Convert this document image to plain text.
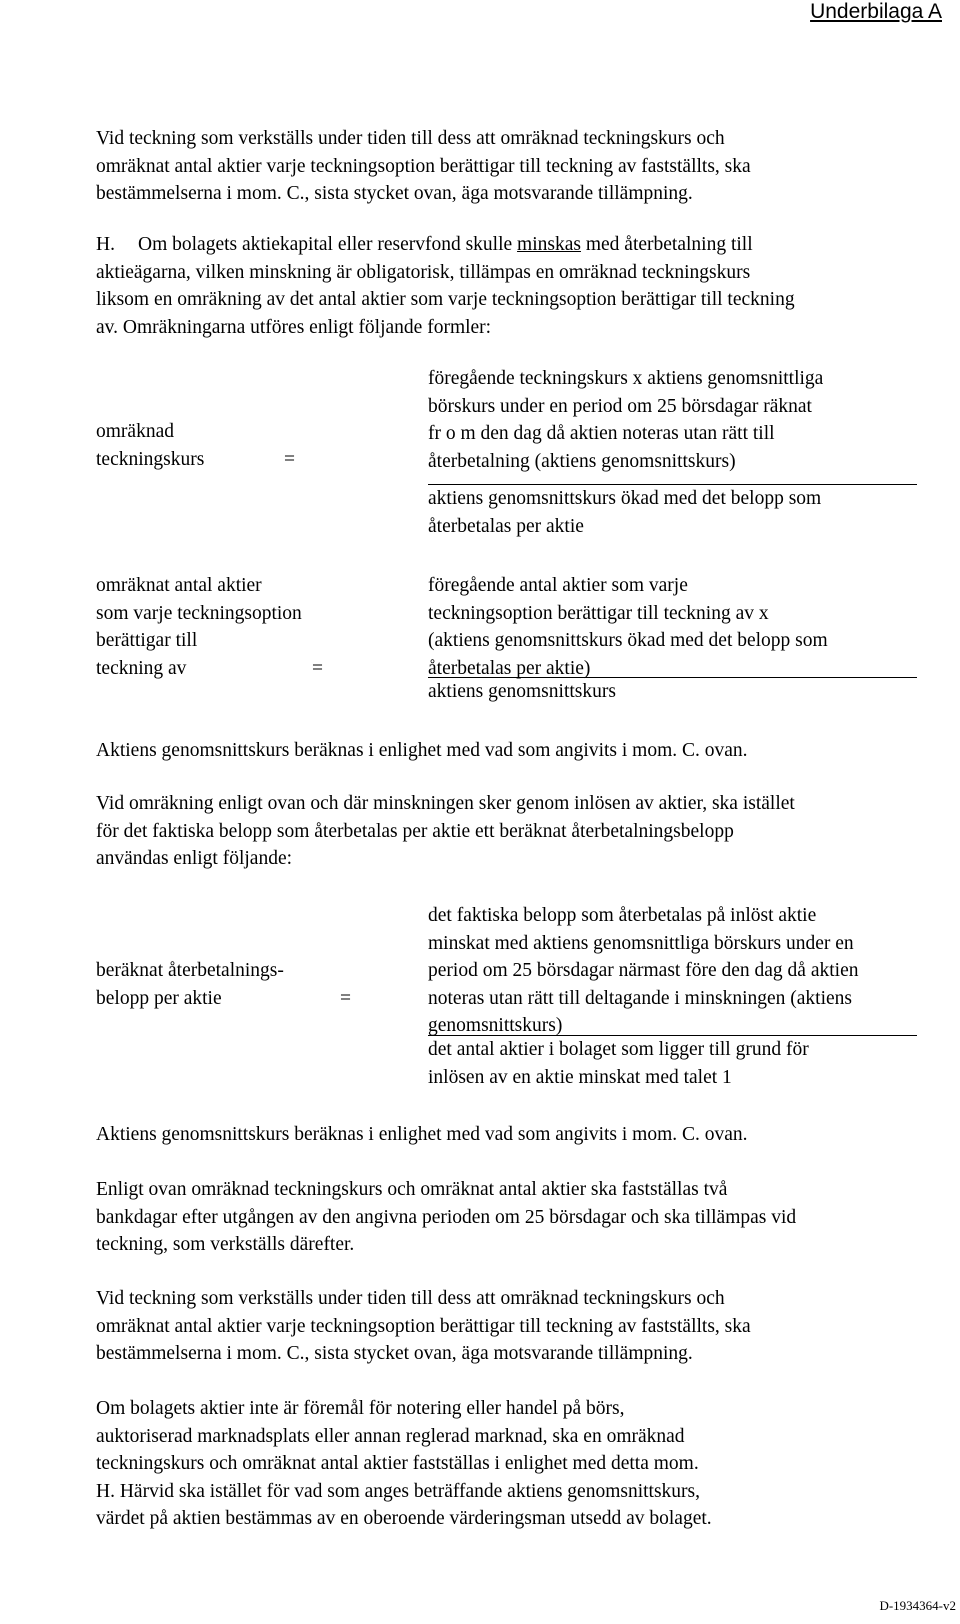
Underbilaga A
Vid teckning som verkställs under tiden till dess att omräknad teckningskurs och
omräknat antal aktier varje teckningsoption berättigar till teckning av fastställts, ska
bestämmelserna i mom. C., sista stycket ovan, äga motsvarande tillämpning.
H. Om bolagets aktiekapital eller reservfond skulle minskas med återbetalning till
aktieägarna, vilken minskning är obligatorisk, tillämpas en omräknad teckningskurs
liksom en omräkning av det antal aktier som varje teckningsoption berättigar till teckning
av. Omräkningarna utföres enligt följande formler:
omräknad
teckningskurs	=
föregående teckningskurs x aktiens genomsnittliga
börskurs under en period om 25 börsdagar räknat
fr o m den dag då aktien noteras utan rätt till
återbetalning (aktiens genomsnittskurs)
aktiens genomsnittskurs ökad med det belopp som
återbetalas per aktie
omräknat antal aktier
som varje teckningsoption
berättigar till
teckning av	=
föregående antal aktier som varje
teckningsoption berättigar till teckning av x
(aktiens genomsnittskurs ökad med det belopp som
återbetalas per aktie)
aktiens genomsnittskurs
Aktiens genomsnittskurs beräknas i enlighet med vad som angivits i mom. C. ovan.
Vid omräkning enligt ovan och där minskningen sker genom inlösen av aktier, ska istället
för det faktiska belopp som återbetalas per aktie ett beräknat återbetalningsbelopp
användas enligt följande:
beräknat återbetalnings-
belopp per aktie	=
det faktiska belopp som återbetalas på inlöst aktie
minskat med aktiens genomsnittliga börskurs under en
period om 25 börsdagar närmast före den dag då aktien
noteras utan rätt till deltagande i minskningen (aktiens
genomsnittskurs)
det antal aktier i bolaget som ligger till grund för
inlösen av en aktie minskat med talet 1
Aktiens genomsnittskurs beräknas i enlighet med vad som angivits i mom. C. ovan.
Enligt ovan omräknad teckningskurs och omräknat antal aktier ska fastställas två
bankdagar efter utgången av den angivna perioden om 25 börsdagar och ska tillämpas vid
teckning, som verkställs därefter.
Vid teckning som verkställs under tiden till dess att omräknad teckningskurs och
omräknat antal aktier varje teckningsoption berättigar till teckning av fastställts, ska
bestämmelserna i mom. C., sista stycket ovan, äga motsvarande tillämpning.
Om bolagets aktier inte är föremål för notering eller handel på börs,
auktoriserad marknadsplats eller annan reglerad marknad, ska en omräknad
teckningskurs och omräknat antal aktier fastställas i enlighet med detta mom.
H. Härvid ska istället för vad som anges beträffande aktiens genomsnittskurs,
värdet på aktien bestämmas av en oberoende värderingsman utsedd av bolaget.
D-1934364-v2
